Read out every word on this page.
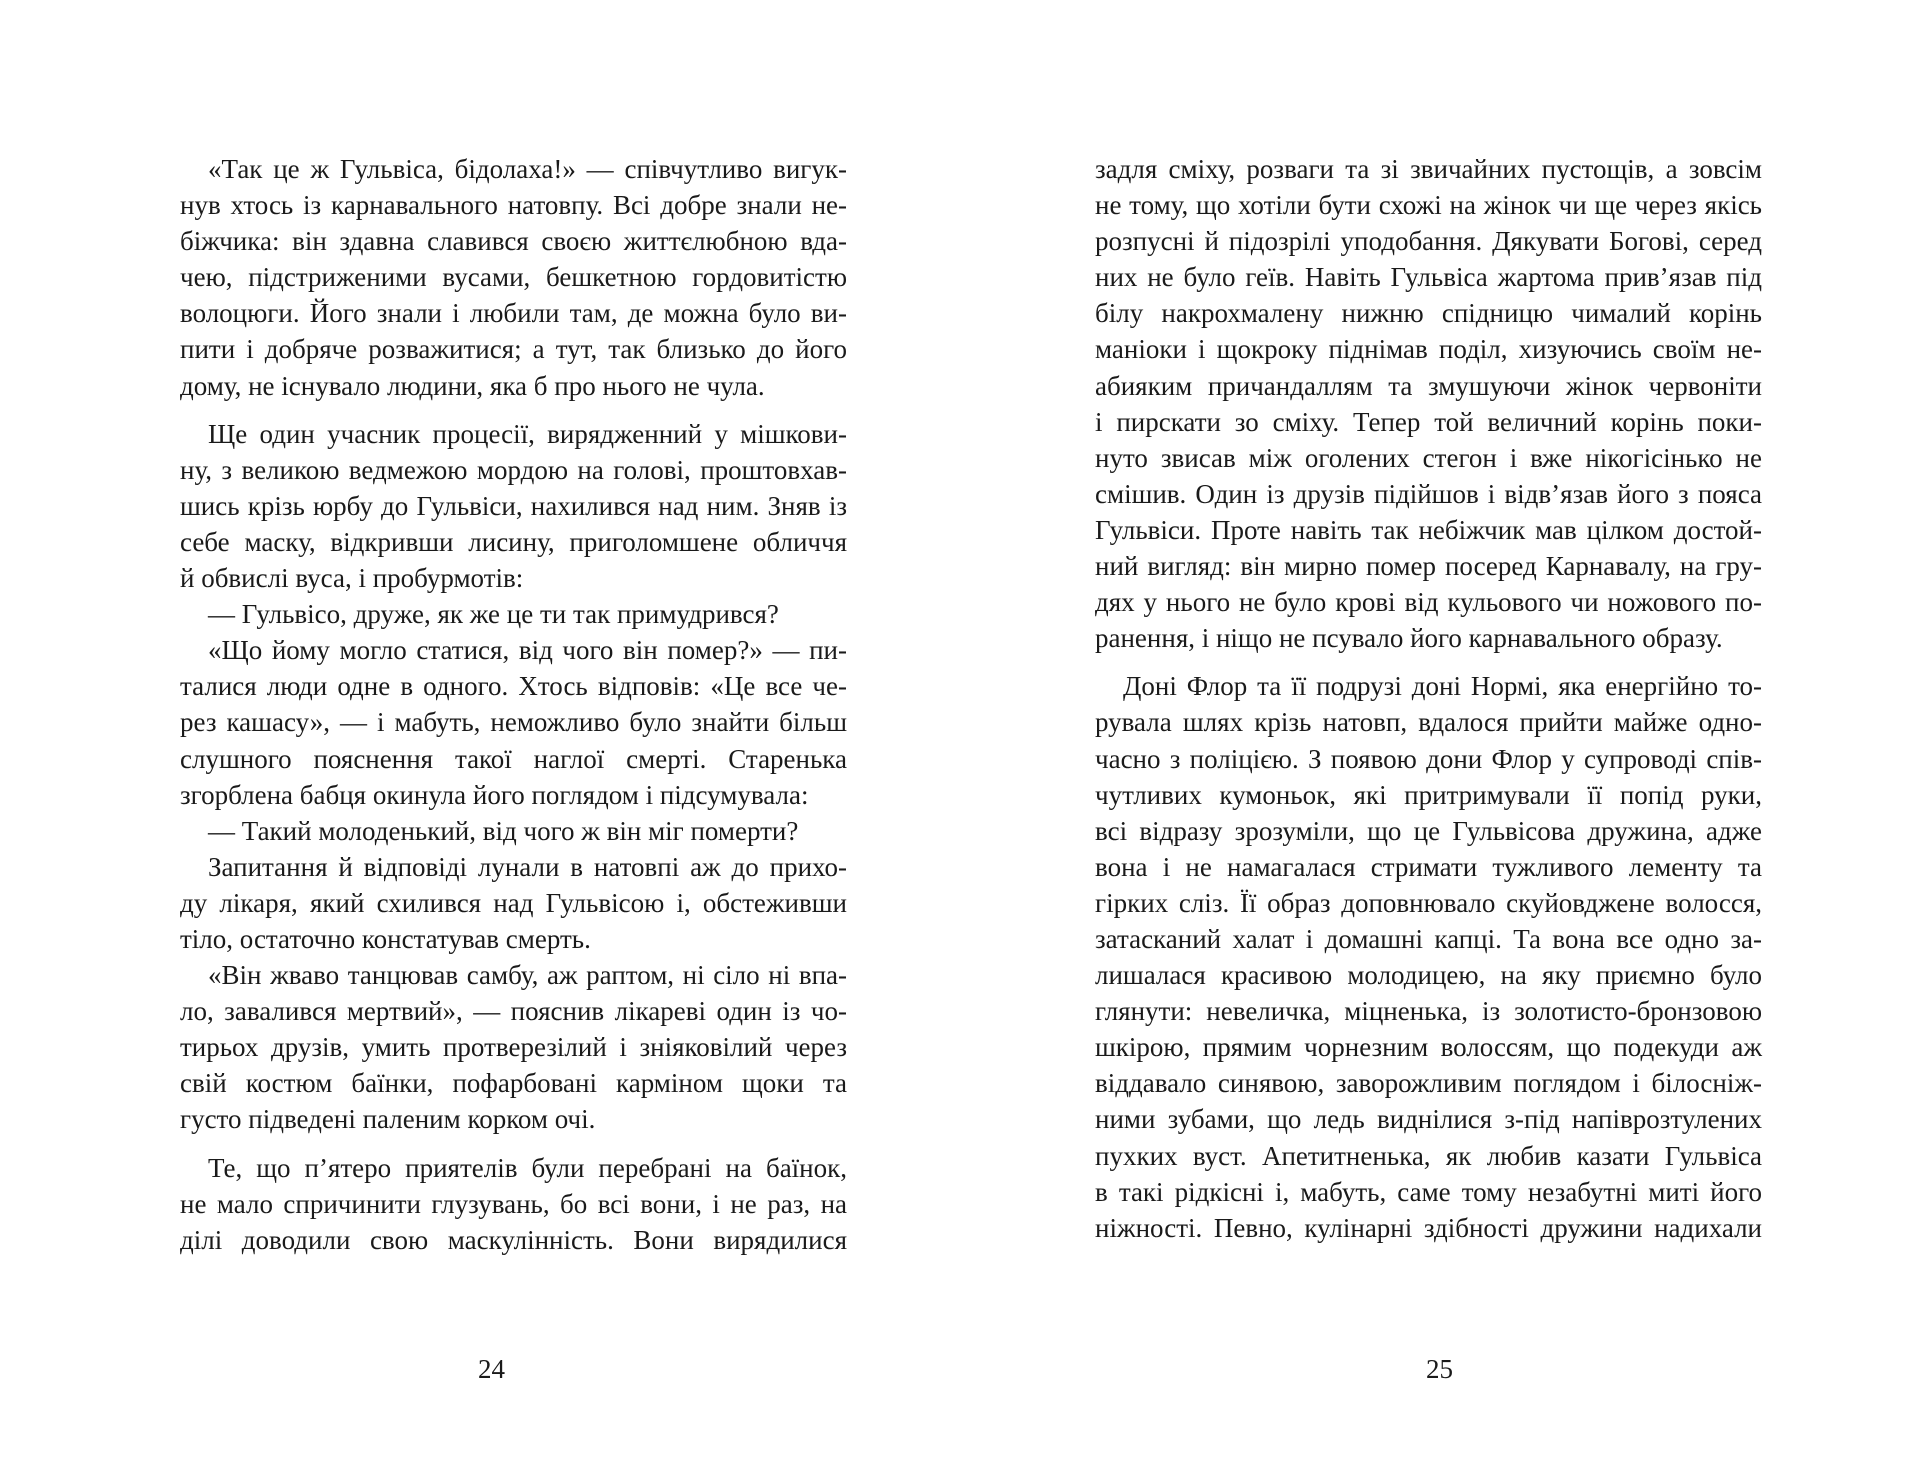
«Так це ж Гульвіса, бідолаха!» — співчутливо вигук-
нув хтось із карнавального натовпу. Всі добре знали не-
біжчика: він здавна славився своєю життєлюбною вда-
чею, підстриженими вусами, бешкетною гордовитістю
волоцюги. Його знали і любили там, де можна було ви-
пити і добряче розважитися; а тут, так близько до його
дому, не існувало людини, яка б про нього не чула.
Ще один учасник процесії, вирядженний у мішкови-
ну, з великою ведмежою мордою на голові, проштовхав-
шись крізь юрбу до Гульвіси, нахилився над ним. Зняв із
себе маску, відкривши лисину, приголомшене обличчя
й обвислі вуса, і пробурмотів:
— Гульвісо, друже, як же це ти так примудрився?
«Що йому могло статися, від чого він помер?» — пи-
талися люди одне в одного. Хтось відповів: «Це все че-
рез кашасу», — і мабуть, неможливо було знайти більш
слушного пояснення такої наглої смерті. Старенька
згорблена бабця окинула його поглядом і підсумувала:
— Такий молоденький, від чого ж він міг померти?
Запитання й відповіді лунали в натовпі аж до прихо-
ду лікаря, який схилився над Гульвісою і, обстеживши
тіло, остаточно констатував смерть.
«Він жваво танцював самбу, аж раптом, ні сіло ні впа-
ло, завалився мертвий», — пояснив лікареві один із чо-
тирьох друзів, умить протверезілий і зніяковілий через
свій костюм баїнки, пофарбовані карміном щоки та
густо підведені паленим корком очі.
Те, що п’ятеро приятелів були перебрані на баїнок,
не мало спричинити глузувань, бо всі вони, і не раз, на
ділі доводили свою маскулінність. Вони вирядилися
24
задля сміху, розваги та зі звичайних пустощів, а зовсім
не тому, що хотіли бути схожі на жінок чи ще через якісь
розпусні й підозрілі уподобання. Дякувати Богові, серед
них не було геїв. Навіть Гульвіса жартома прив’язав під
білу накрохмалену нижню спідницю чималий корінь
маніоки і щокроку піднімав поділ, хизуючись своїм не-
абияким причандаллям та змушуючи жінок червоніти
і пирскати зо сміху. Тепер той величний корінь поки-
нуто звисав між оголених стегон і вже нікогісінько не
смішив. Один із друзів підійшов і відв’язав його з пояса
Гульвіси. Проте навіть так небіжчик мав цілком достой-
ний вигляд: він мирно помер посеред Карнавалу, на гру-
дях у нього не було крові від кульового чи ножового по-
ранення, і ніщо не псувало його карнавального образу.
Доні Флор та її подрузі доні Нормі, яка енергійно то-
рувала шлях крізь натовп, вдалося прийти майже одно-
часно з поліцією. З появою дони Флор у супроводі спів-
чутливих кумоньок, які притримували її попід руки,
всі відразу зрозуміли, що це Гульвісова дружина, адже
вона і не намагалася стримати тужливого лементу та
гірких сліз. Її образ доповнювало скуйовджене волосся,
затасканий халат і домашні капці. Та вона все одно за-
лишалася красивою молодицею, на яку приємно було
глянути: невеличка, міцненька, із золотисто-бронзовою
шкірою, прямим чорнезним волоссям, що подекуди аж
віддавало синявою, заворожливим поглядом і білосніж-
ними зубами, що ледь виднілися з-під напіврозтулених
пухких вуст. Апетитненька, як любив казати Гульвіса
в такі рідкісні і, мабуть, саме тому незабутні миті його
ніжності. Певно, кулінарні здібності дружини надихали
25
